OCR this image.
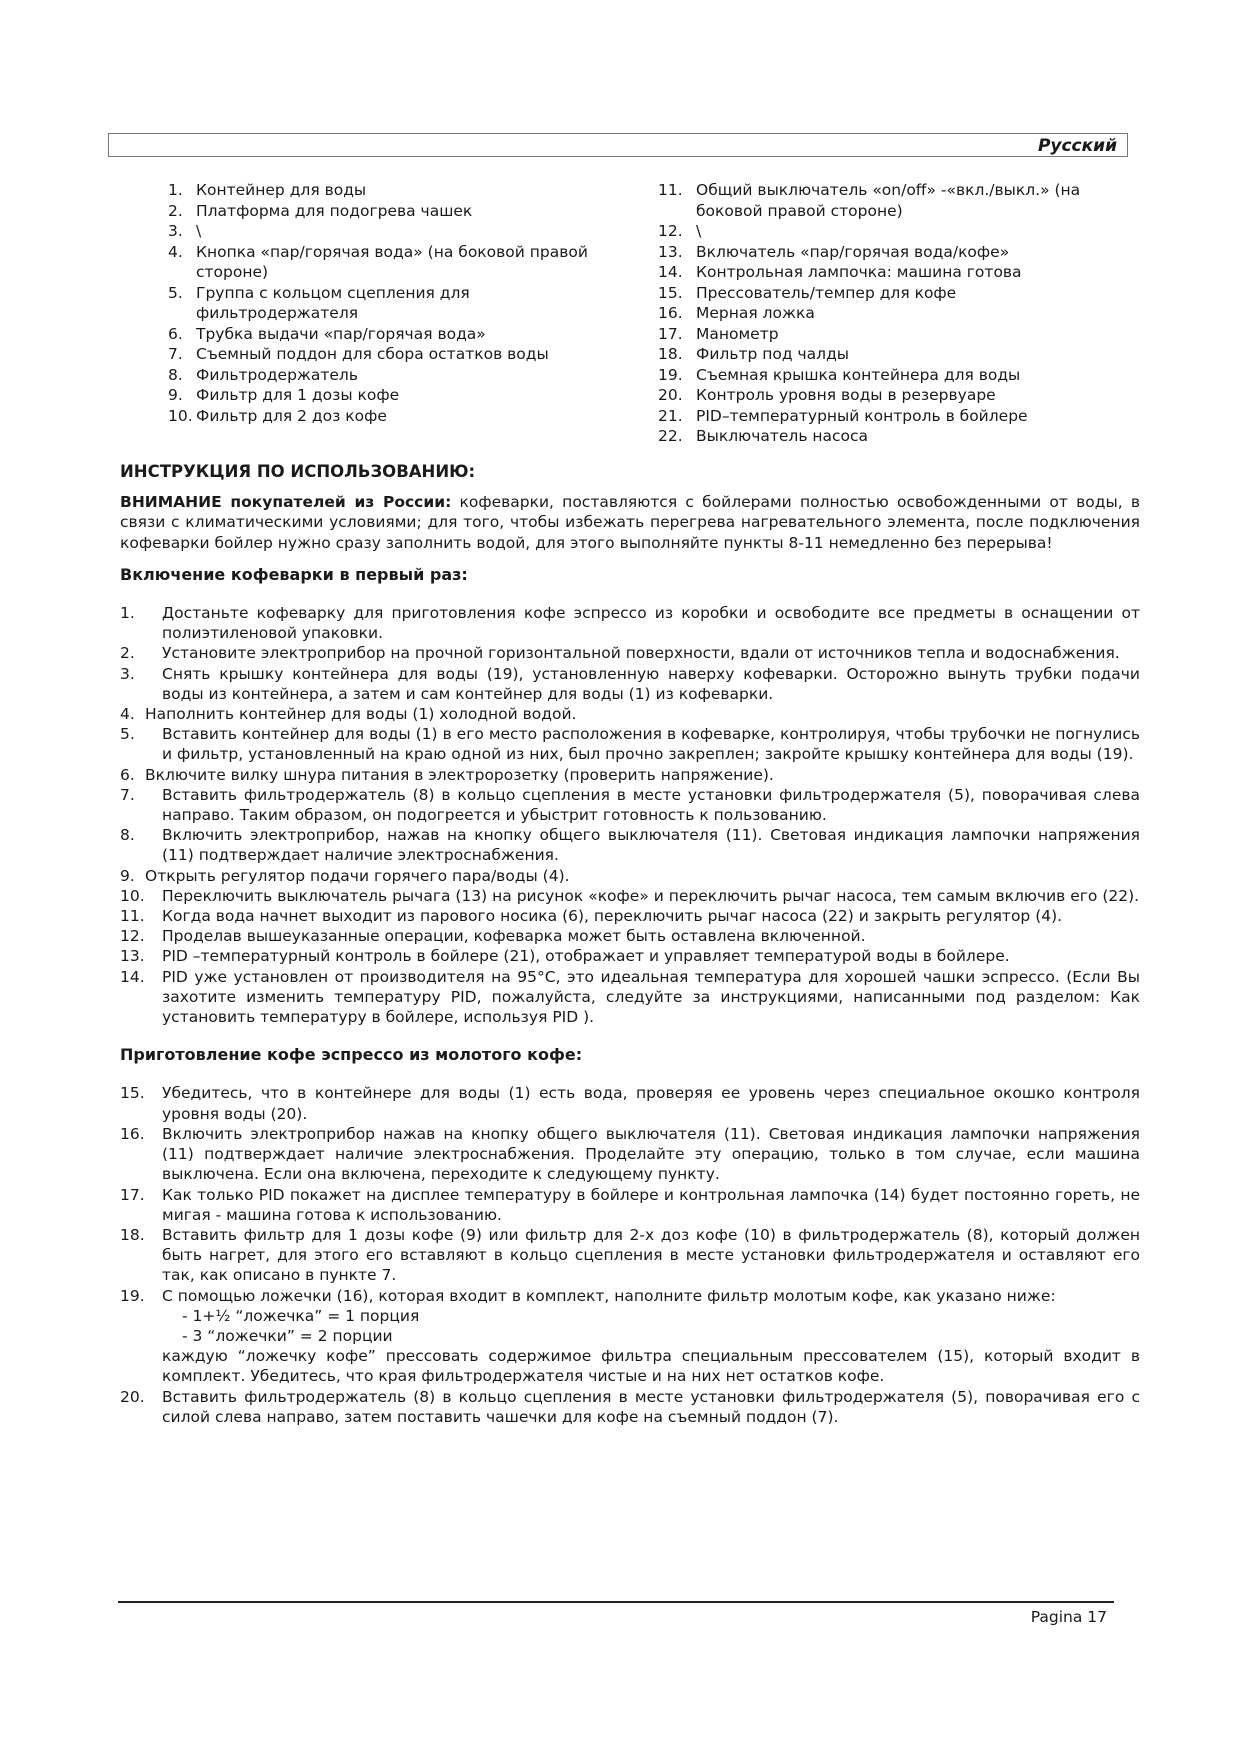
Русский
1. Контейнер для воды
2. Платформа для подогрева чашек
3. \
4. Кнопка «пар/горячая вода» (на боковой правой стороне)
5. Группа с кольцом сцепления для фильтродержателя
6. Трубка выдачи «пар/горячая вода»
7. Съемный поддон для сбора остатков воды
8. Фильтродержатель
9. Фильтр для 1 дозы кофе
10. Фильтр для 2 доз кофе
11. Общий выключатель «on/off» -«вкл./выкл.» (на боковой правой стороне)
12. \
13. Включатель «пар/горячая вода/кофе»
14. Контрольная лампочка: машина готова
15. Прессователь/темпер для кофе
16. Мерная ложка
17. Манометр
18. Фильтр под чалды
19. Съемная крышка контейнера для воды
20. Контроль уровня воды в резервуаре
21. PID–температурный контроль в бойлере
22. Выключатель насоса
ИНСТРУКЦИЯ ПО ИСПОЛЬЗОВАНИЮ:

ВНИМАНИЕ покупателей из России: кофеварки, поставляются с бойлерами полностью освобожденными от воды, в связи с климатическими условиями; для того, чтобы избежать перегрева нагревательного элемента, после подключения кофеварки бойлер нужно сразу заполнить водой, для этого выполняйте пункты 8-11 немедленно без перерыва!

Включение кофеварки в первый раз:
1.	Достаньте кофеварку для приготовления кофе эспрессо из коробки и освободите все предметы в оснащении от полиэтиленовой упаковки.
2.	Установите электроприбор на прочной горизонтальной поверхности, вдали от источников тепла и водоснабжения.
3.	Снять крышку контейнера для воды (19), установленную наверху кофеварки. Осторожно вынуть трубки подачи воды из контейнера, а затем и сам контейнер для воды (1) из кофеварки.
4. Наполнить контейнер для воды (1) холодной водой.
5.	Вставить контейнер для воды (1) в его место расположения в кофеварке, контролируя, чтобы трубочки не погнулись и фильтр, установленный на краю одной из них, был прочно закреплен; закройте крышку контейнера для воды (19).
6. Включите вилку шнура питания в электророзетку (проверить напряжение).
7.	Вставить фильтродержатель (8) в кольцо сцепления в месте установки фильтродержателя (5), поворачивая слева направо. Таким образом, он подогреется и убыстрит готовность к пользованию.
8.	Включить электроприбор, нажав на кнопку общего выключателя (11). Световая индикация лампочки напряжения (11) подтверждает наличие электроснабжения.
9. Открыть регулятор подачи горячего пара/воды (4).
10.	Переключить выключатель рычага (13) на рисунок «кофе» и переключить рычаг насоса, тем самым включив его (22).
11.	Когда вода начнет выходит из парового носика (6), переключить рычаг насоса (22) и закрыть регулятор (4).
12.	Проделав вышеуказанные операции, кофеварка может быть оставлена включенной.
13.	PID –температурный контроль в бойлере (21), отображает и управляет температурой воды в бойлере.
14.	PID уже установлен от производителя на 95°C, это идеальная температура для хорошей чашки эспрессо. (Если Вы захотите изменить температуру PID, пожалуйста, следуйте за инструкциями, написанными под разделом: Как установить температуру в бойлере, используя PID ).
Приготовление кофе эспрессо из молотого кофе:
15.	Убедитесь, что в контейнере для воды (1) есть вода, проверяя ее уровень через специальное окошко контроля уровня воды (20).
16.	Включить электроприбор нажав на кнопку общего выключателя (11). Световая индикация лампочки напряжения (11) подтверждает наличие электроснабжения. Проделайте эту операцию, только в том случае, если машина выключена. Если она включена, переходите к следующему пункту.
17.	Как только PID покажет на дисплее температуру в бойлере и контрольная лампочка (14) будет постоянно гореть, не мигая - машина готова к использованию.
18.	Вставить фильтр для 1 дозы кофе (9) или фильтр для 2-х доз кофе (10) в фильтродержатель (8), который должен быть нагрет, для этого его вставляют в кольцо сцепления в месте установки фильтродержателя и оставляют его так, как описано в пункте 7.
19.	С помощью ложечки (16), которая входит в комплект, наполните фильтр молотым кофе, как указано ниже:
- 1+½ “ложечка” = 1 порция
- 3 “ложечки” = 2 порции
каждую “ложечку кофе” прессовать содержимое фильтра специальным прессователем (15), который входит в комплект. Убедитесь, что края фильтродержателя чистые и на них нет остатков кофе.
20.	Вставить фильтродержатель (8) в кольцо сцепления в месте установки фильтродержателя (5), поворачивая его с силой слева направо, затем поставить чашечки для кофе на съемный поддон (7).
Pagina 17
